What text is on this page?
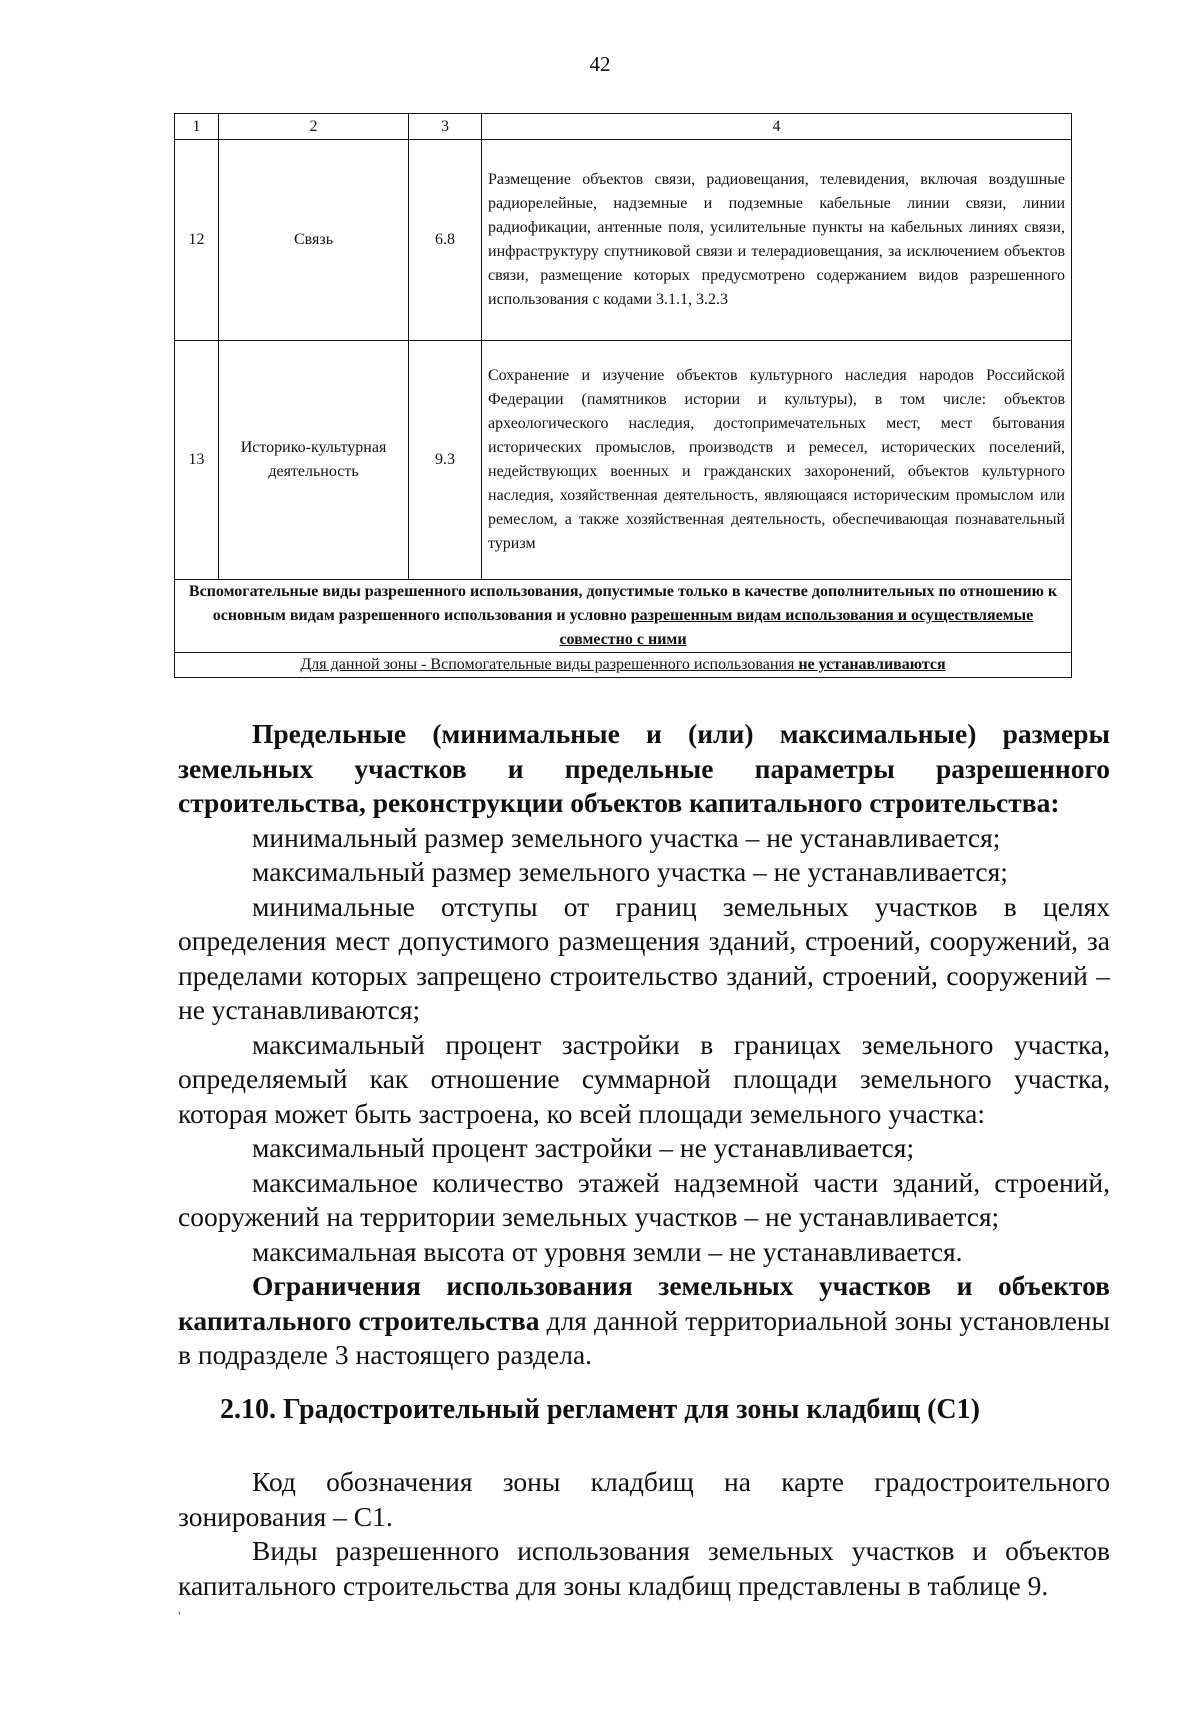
42
1	2	3	4
12	Связь	6.8	Размещение объектов связи, радиовещания, телевидения, включая воздушные радиорелейные, надземные и подземные кабельные линии связи, линии радиофикации, антенные поля, усилительные пункты на кабельных линиях связи, инфраструктуру спутниковой связи и телерадиовещания, за исключением объектов связи, размещение которых предусмотрено содержанием видов разрешенного использования с кодами 3.1.1, 3.2.3
13	Историко-культурная деятельность	9.3	Сохранение и изучение объектов культурного наследия народов Российской Федерации (памятников истории и культуры), в том числе: объектов археологического наследия, достопримечательных мест, мест бытования исторических промыслов, производств и ремесел, исторических поселений, недействующих военных и гражданских захоронений, объектов культурного наследия, хозяйственная деятельность, являющаяся историческим промыслом или ремеслом, а также хозяйственная деятельность, обеспечивающая познавательный туризм
Вспомогательные виды разрешенного использования, допустимые только в качестве дополнительных по отношению к основным видам разрешенного использования и условно разрешенным видам использования и осуществляемые совместно с ними			
Для данной зоны - Вспомогательные виды разрешенного использования не устанавливаются			

Предельные (минимальные и (или) максимальные) размеры земельных участков и предельные параметры разрешенного строительства, реконструкции объектов капитального строительства:

минимальный размер земельного участка – не устанавливается;

максимальный размер земельного участка – не устанавливается;

минимальные отступы от границ земельных участков в целях определения мест допустимого размещения зданий, строений, сооружений, за пределами которых запрещено строительство зданий, строений, сооружений – не устанавливаются;

максимальный процент застройки в границах земельного участка, определяемый как отношение суммарной площади земельного участка, которая может быть застроена, ко всей площади земельного участка:

максимальный процент застройки – не устанавливается;

максимальное количество этажей надземной части зданий, строений, сооружений на территории земельных участков – не устанавливается;

максимальная высота от уровня земли – не устанавливается.

Ограничения использования земельных участков и объектов капитального строительства для данной территориальной зоны установлены в подразделе 3 настоящего раздела.

2.10. Градостроительный регламент для зоны кладбищ (С1)

Код обозначения зоны кладбищ на карте градостроительного зонирования – С1.

Виды разрешенного использования земельных участков и объектов капитального строительства для зоны кладбищ представлены в таблице 9.

'
